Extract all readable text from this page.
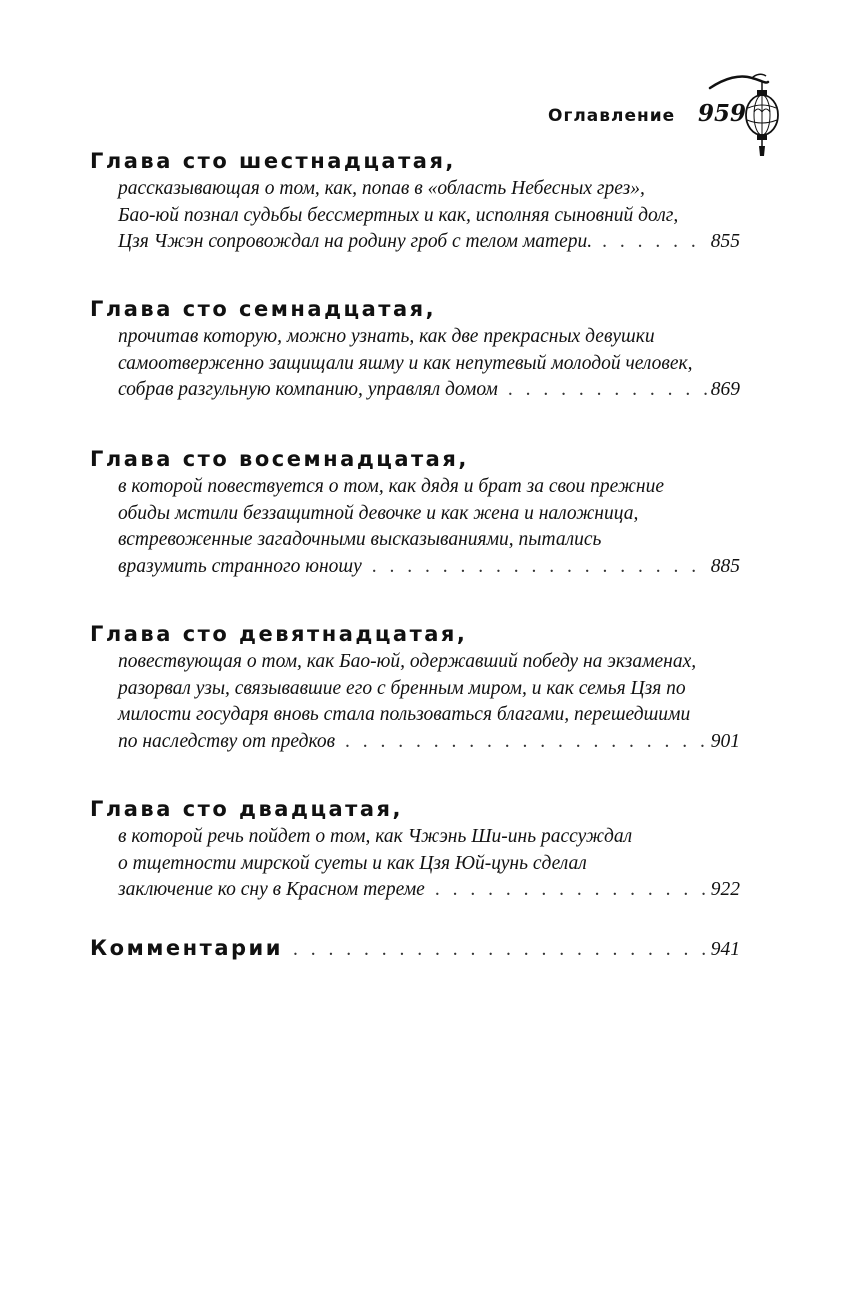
Оглавление 959
Глава сто шестнадцатая,
рассказывающая о том, как, попав в «область Небесных грез»,
Бао-юй познал судьбы бессмертных и как, исполняя сыновний долг,
Цзя Чжэн сопровождал на родину гроб с телом матери. . . .	855
Глава сто семнадцатая,
прочитав которую, можно узнать, как две прекрасных девушки
самоотверженно защищали яшму и как непутевый молодой человек,
собрав разгульную компанию, управлял домом . . .	869
Глава сто восемнадцатая,
в которой повествуется о том, как дядя и брат за свои прежние
обиды мстили беззащитной девочке и как жена и наложница,
встревоженные загадочными высказываниями, пытались
вразумить странного юношу . . .	885
Глава сто девятнадцатая,
повествующая о том, как Бао-юй, одержавший победу на экзаменах,
разорвал узы, связывавшие его с бренным миром, и как семья Цзя по
милости государя вновь стала пользоваться благами, перешедшими
по наследству от предков . . .	901
Глава сто двадцатая,
в которой речь пойдет о том, как Чжэнь Ши-инь рассуждал
о тщетности мирской суеты и как Цзя Юй-цунь сделал
заключение ко сну в Красном тереме . . .	922
Комментарии . . .	941
